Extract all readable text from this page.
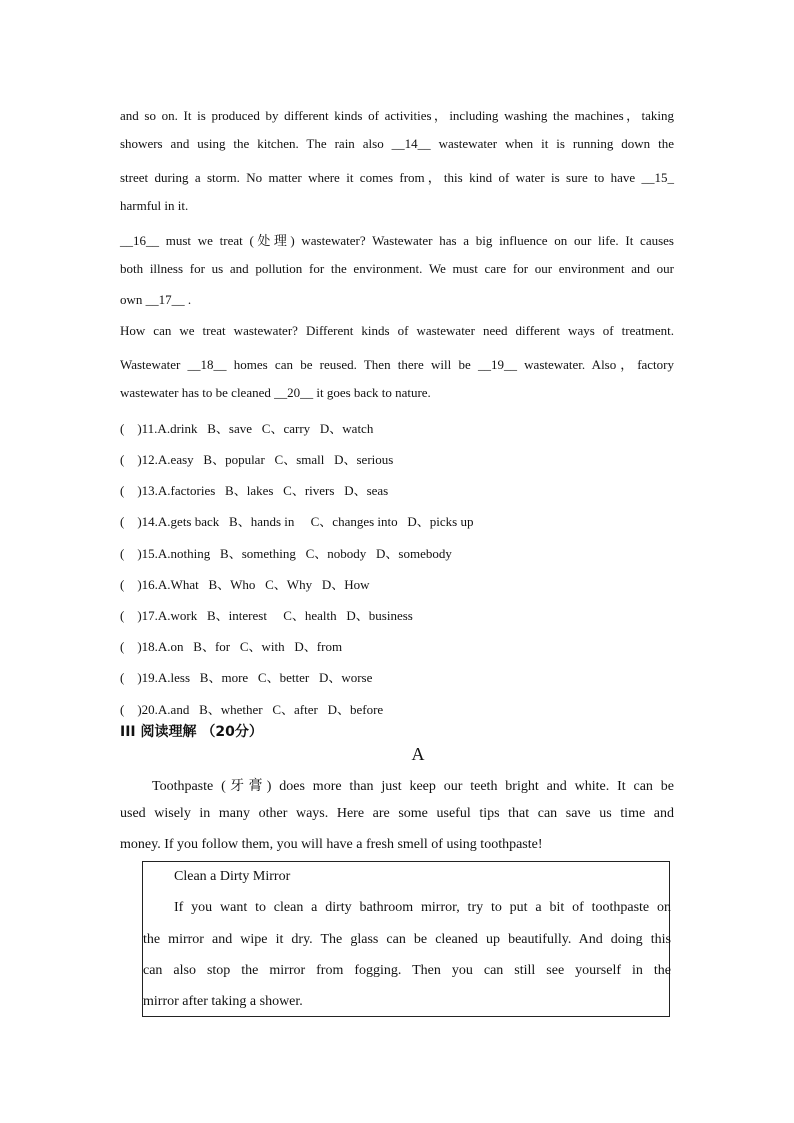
and so on. It is produced by different kinds of activities，including washing the machines，taking
showers and using the kitchen. The rain also __14__ wastewater when it is running down the
street during a storm. No matter where it comes from，this kind of water is sure to have __15_
harmful in it.
__16__ must we treat (处理) wastewater? Wastewater has a big influence on our life. It causes
both illness for us and pollution for the environment. We must care for our environment and our
own __17__ .
How can we treat wastewater? Different kinds of wastewater need different ways of treatment.
Wastewater __18__ homes can be reused. Then there will be __19__ wastewater. Also，factory
wastewater has to be cleaned __20__ it goes back to nature.
(    )11.A.drink   B、save   C、carry   D、watch
(    )12.A.easy   B、popular   C、small   D、serious
(    )13.A.factories   B、lakes   C、rivers   D、seas
(    )14.A.gets back   B、hands in     C、changes into   D、picks up
(    )15.A.nothing   B、something   C、nobody   D、somebody
(    )16.A.What   B、Who   C、Why   D、How
(    )17.A.work   B、interest     C、health   D、business
(    )18.A.on   B、for   C、with   D、from
(    )19.A.less   B、more   C、better   D、worse
(    )20.A.and   B、whether   C、after   D、before
III 阅读理解 （20分）
A
Toothpaste (牙膏) does more than just keep our teeth bright and white. It can be
used wisely in many other ways. Here are some useful tips that can save us time and
money. If you follow them, you will have a fresh smell of using toothpaste!
Clean a Dirty Mirror
If you want to clean a dirty bathroom mirror, try to put a bit of toothpaste on
the mirror and wipe it dry. The glass can be cleaned up beautifully. And doing this
can also stop the mirror from fogging. Then you can still see yourself in the
mirror after taking a shower.
